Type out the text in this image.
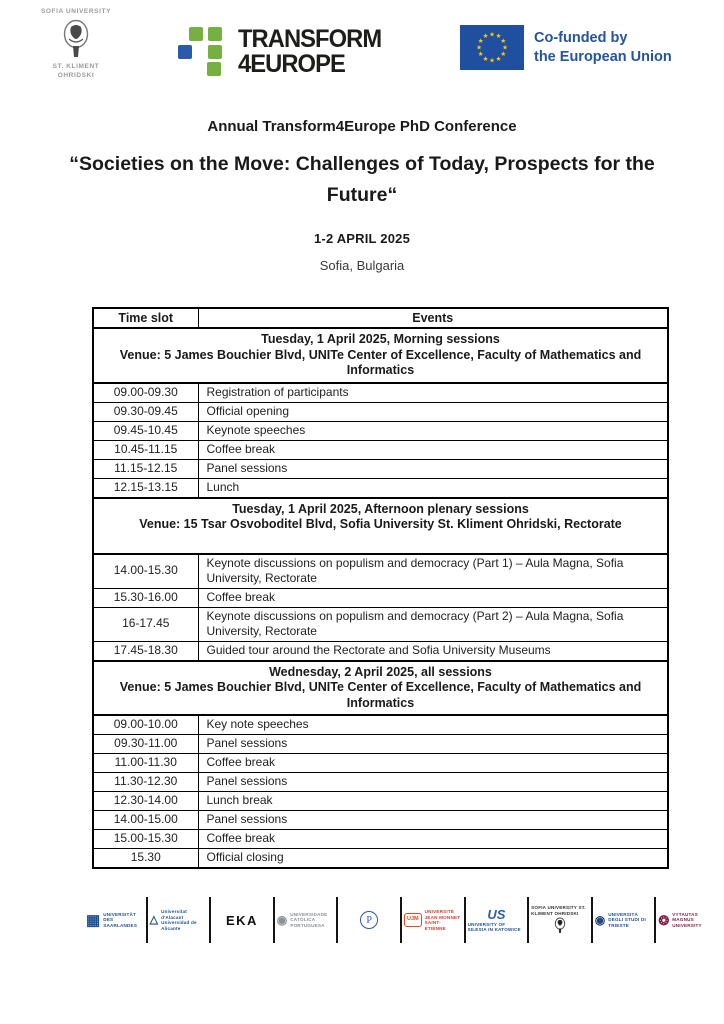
SOFIA UNIVERSITY
ST. KLIMENT OHRIDSKI
TRANSFORM
4EUROPE
★ ★
★
★
★
★
★
★
★
★
★
★	Co-funded by
the European Union
Annual Transform4Europe PhD Conference
“Societies on the Move: Challenges of Today, Prospects for the Future“
1-2 APRIL 2025
Sofia, Bulgaria
Time slot	Events

Tuesday, 1 April 2025, Morning sessions
Venue: 5 James Bouchier Blvd, UNITe Center of Excellence, Faculty of Mathematics and Informatics	

09.00-09.30	Registration of participants
09.30-09.45	Official opening
09.45-10.45	Keynote speeches
10.45-11.15	Coffee break
11.15-12.15	Panel sessions
12.15-13.15	Lunch

Tuesday, 1 April 2025, Afternoon plenary sessions
Venue: 15 Tsar Osvoboditel Blvd, Sofia University St. Kliment Ohridski, Rectorate	

14.00-15.30	Keynote discussions on populism and democracy (Part 1) – Aula Magna, Sofia University, Rectorate
15.30-16.00	Coffee break
16-17.45	Keynote discussions on populism and democracy (Part 2) – Aula Magna, Sofia University, Rectorate
17.45-18.30	Guided tour around the Rectorate and Sofia University Museums

Wednesday, 2 April 2025, all sessions
Venue: 5 James Bouchier Blvd, UNITe Center of Excellence, Faculty of Mathematics and Informatics	

09.00-10.00	Key note speeches
09.30-11.00	Panel sessions
11.00-11.30	Coffee break
11.30-12.30	Panel sessions
12.30-14.00	Lunch break
14.00-15.00	Panel sessions
15.00-15.30	Coffee break
15.30	Official closing
▦ UNIVERSITÄT DES SAARLANDES	△
Universitat d'Alacant Universidad de Alicante
EKA ◉ UNIVERSIDADE CATÓLICA PORTUGUESA	P	UJM
UNIVERSITÉ JEAN MONNET SAINT-ÉTIENNE
US
UNIVERSITY OF SILESIA IN KATOWICE
SOFIA UNIVERSITY ST. KLIMENT OHRIDSKI	◉ UNIVERSITÀ DEGLI STUDI DI TRIESTE	❂ VYTAUTAS MAGNUS UNIVERSITY
